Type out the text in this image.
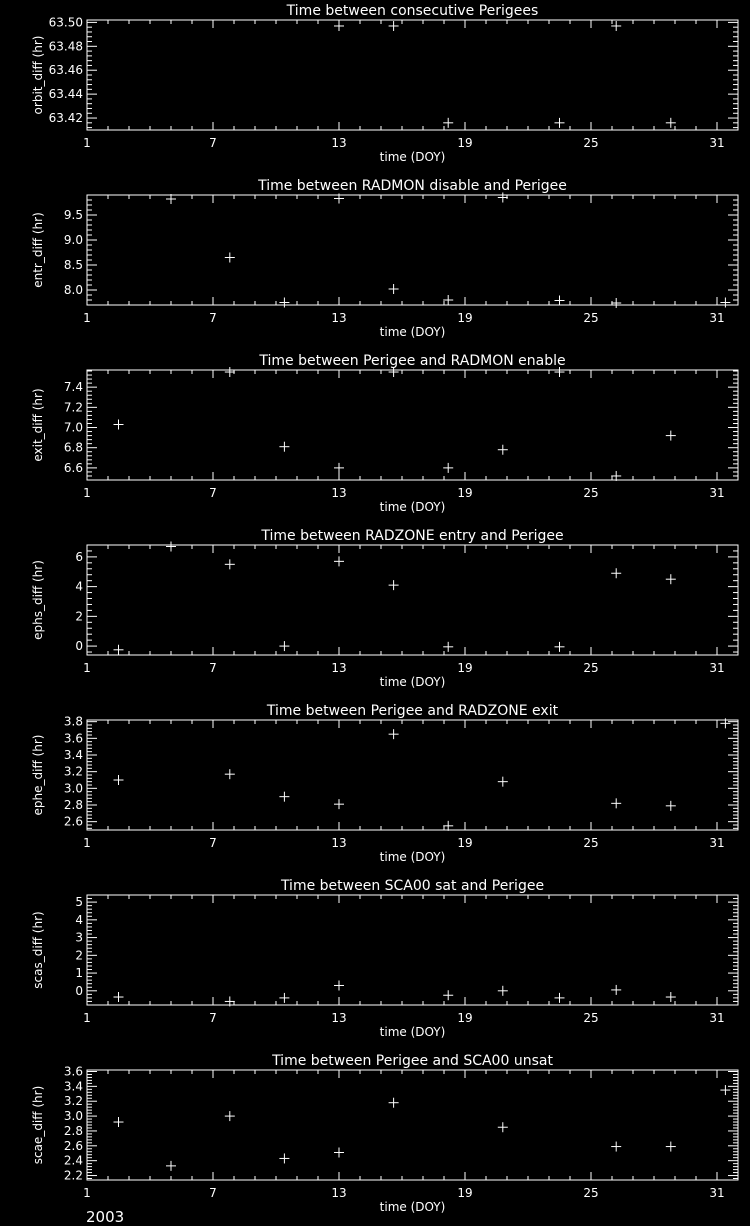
Time between consecutive Perigees
1	7	13	19	25	31
63.42
63.44
63.46
63.48
63.50
time (DOY)
orbit_diff (hr)
Time between RADMON disable and Perigee
1	7	13	19	25	31
8.0
8.5
9.0
9.5
time (DOY)
entr_diff (hr)
Time between Perigee and RADMON enable
1	7	13	19	25	31
6.6
6.8
7.0
7.2
7.4
time (DOY)
exit_diff (hr)
Time between RADZONE entry and Perigee
1	7	13	19	25	31
0
2
4
6
time (DOY)
ephs_diff (hr)
Time between Perigee and RADZONE exit
1	7	13	19	25	31
2.6
2.8
3.0
3.2
3.4
3.6
3.8
time (DOY)
ephe_diff (hr)
Time between SCA00 sat and Perigee
1	7	13	19	25	31
0
1
2
3
4
5
time (DOY)
scas_diff (hr)
Time between Perigee and SCA00 unsat
1	7	13	19	25	31
2.2
2.4
2.6
2.8
3.0
3.2
3.4
3.6
time (DOY)
scae_diff (hr)
2003
